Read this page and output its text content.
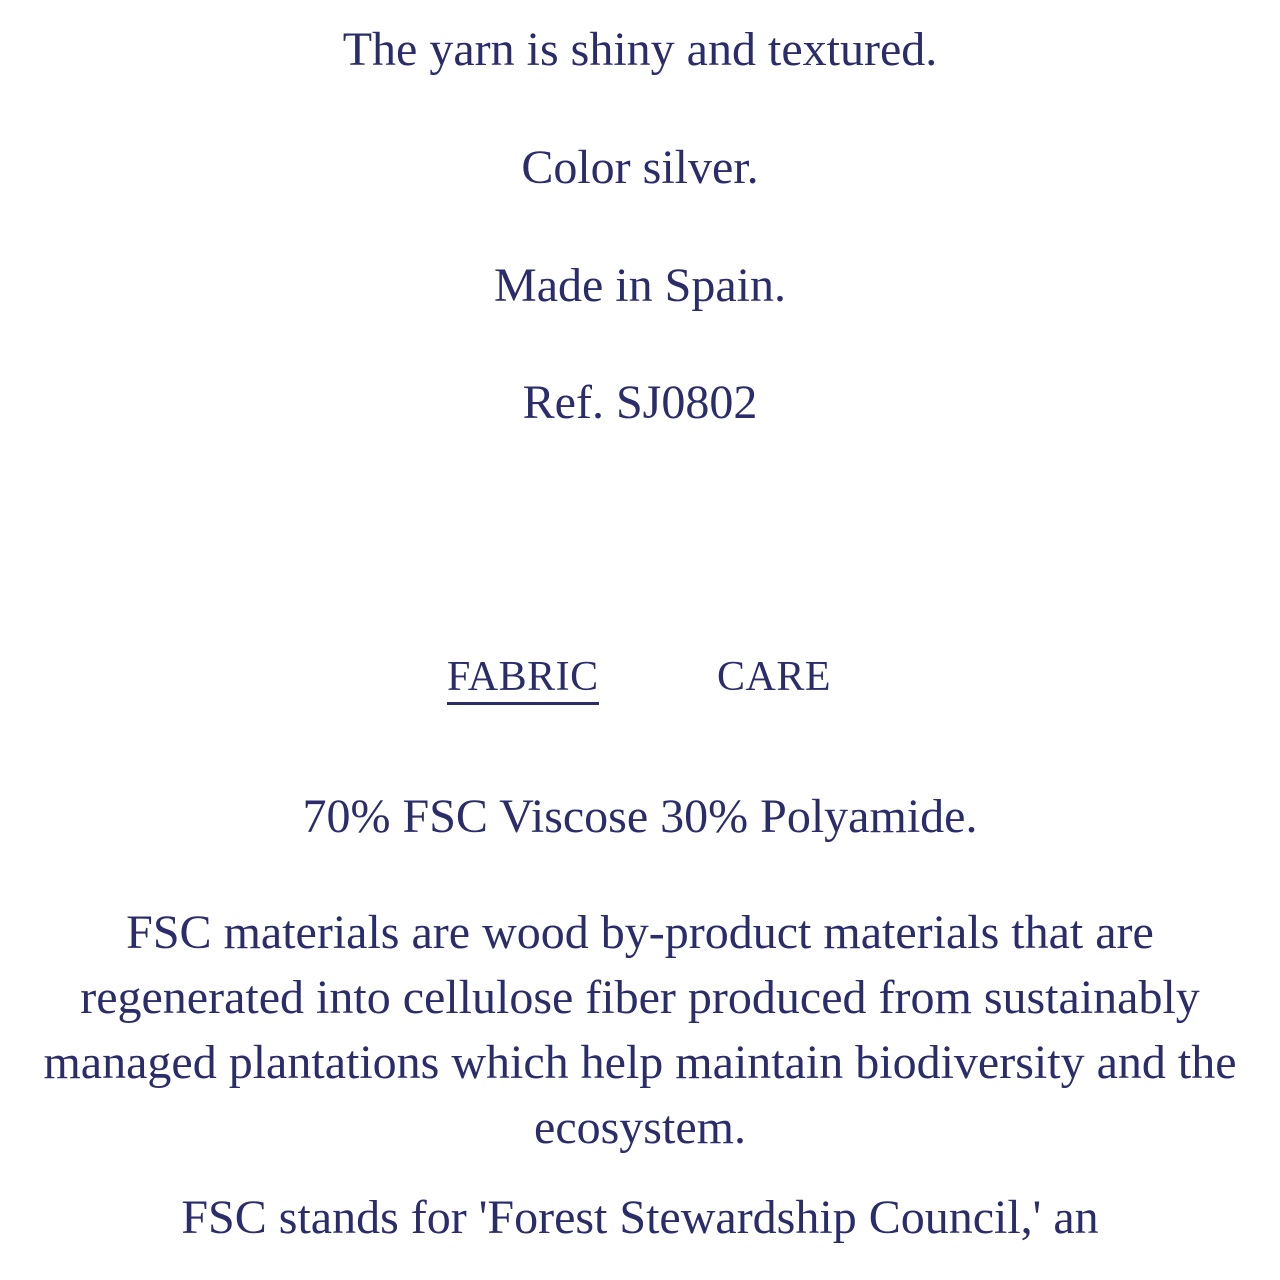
The yarn is shiny and textured.
Color silver.
Made in Spain.
Ref. SJ0802
FABRIC	CARE
70% FSC Viscose 30% Polyamide.
FSC materials are wood by-product materials that are regenerated into cellulose fiber produced from sustainably managed plantations which help maintain biodiversity and the ecosystem.
FSC stands for 'Forest Stewardship Council,' an
